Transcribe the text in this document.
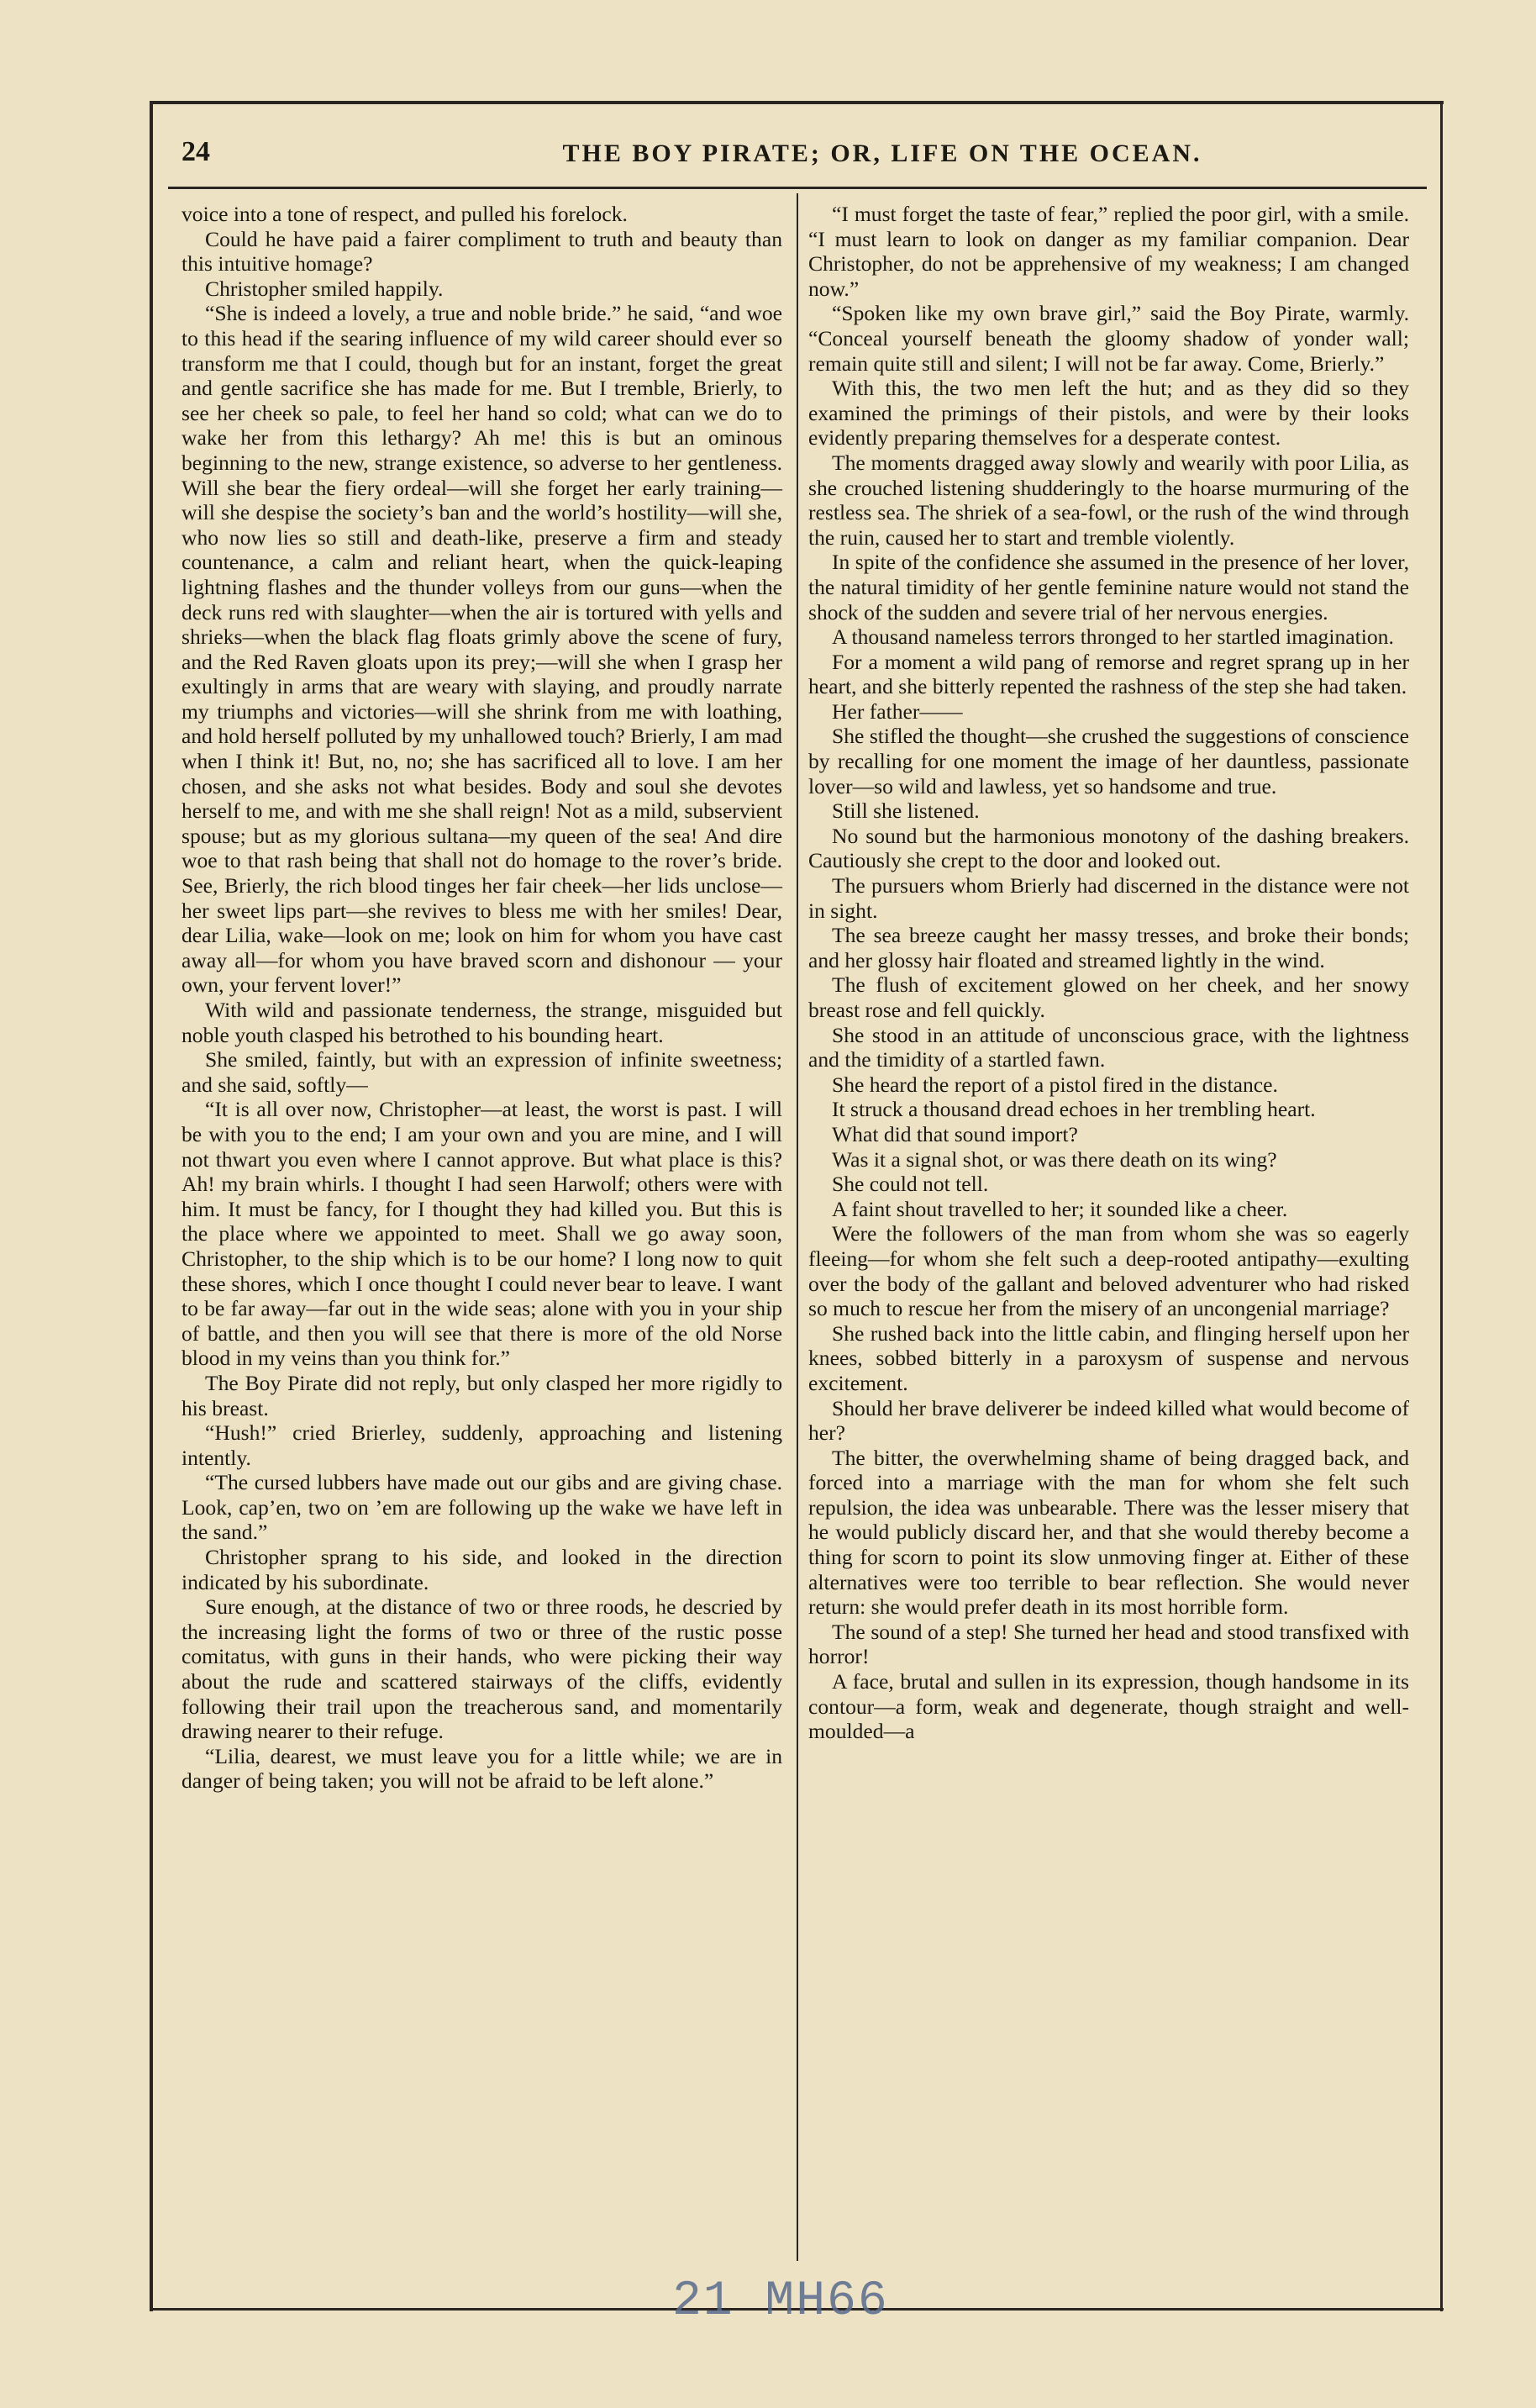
24	THE BOY PIRATE; OR, LIFE ON THE OCEAN.

voice into a tone of respect, and pulled his forelock.

Could he have paid a fairer compliment to truth and beauty than this intuitive homage?

Christopher smiled happily.

“She is indeed a lovely, a true and noble bride.” he said, “and woe to this head if the searing influence of my wild career should ever so transform me that I could, though but for an instant, forget the great and gentle sacrifice she has made for me. But I tremble, Brierly, to see her cheek so pale, to feel her hand so cold; what can we do to wake her from this lethargy? Ah me! this is but an ominous beginning to the new, strange existence, so adverse to her gentleness. Will she bear the fiery ordeal—will she forget her early training—will she despise the society’s ban and the world’s hostility—will she, who now lies so still and death-like, preserve a firm and steady countenance, a calm and reliant heart, when the quick-leaping lightning flashes and the thunder volleys from our guns—when the deck runs red with slaughter—when the air is tortured with yells and shrieks—when the black flag floats grimly above the scene of fury, and the Red Raven gloats upon its prey;—will she when I grasp her exultingly in arms that are weary with slaying, and proudly narrate my triumphs and victories—will she shrink from me with loathing, and hold herself polluted by my unhallowed touch? Brierly, I am mad when I think it! But, no, no; she has sacrificed all to love. I am her chosen, and she asks not what besides. Body and soul she devotes herself to me, and with me she shall reign! Not as a mild, subservient spouse; but as my glorious sultana—my queen of the sea! And dire woe to that rash being that shall not do homage to the rover’s bride. See, Brierly, the rich blood tinges her fair cheek—her lids unclose—her sweet lips part—she revives to bless me with her smiles! Dear, dear Lilia, wake—look on me; look on him for whom you have cast away all—for whom you have braved scorn and dishonour — your own, your fervent lover!”

With wild and passionate tenderness, the strange, misguided but noble youth clasped his betrothed to his bounding heart.

She smiled, faintly, but with an expression of infinite sweetness; and she said, softly—

“It is all over now, Christopher—at least, the worst is past. I will be with you to the end; I am your own and you are mine, and I will not thwart you even where I cannot approve. But what place is this? Ah! my brain whirls. I thought I had seen Harwolf; others were with him. It must be fancy, for I thought they had killed you. But this is the place where we appointed to meet. Shall we go away soon, Christopher, to the ship which is to be our home? I long now to quit these shores, which I once thought I could never bear to leave. I want to be far away—far out in the wide seas; alone with you in your ship of battle, and then you will see that there is more of the old Norse blood in my veins than you think for.”

The Boy Pirate did not reply, but only clasped her more rigidly to his breast.

“Hush!” cried Brierley, suddenly, approaching and listening intently.

“The cursed lubbers have made out our gibs and are giving chase. Look, cap’en, two on ’em are following up the wake we have left in the sand.”

Christopher sprang to his side, and looked in the direction indicated by his subordinate.

Sure enough, at the distance of two or three roods, he descried by the increasing light the forms of two or three of the rustic posse comitatus, with guns in their hands, who were picking their way about the rude and scattered stairways of the cliffs, evidently following their trail upon the treacherous sand, and momentarily drawing nearer to their refuge.

“Lilia, dearest, we must leave you for a little while; we are in danger of being taken; you will not be afraid to be left alone.”

“I must forget the taste of fear,” replied the poor girl, with a smile. “I must learn to look on danger as my familiar companion. Dear Christopher, do not be apprehensive of my weakness; I am changed now.”

“Spoken like my own brave girl,” said the Boy Pirate, warmly. “Conceal yourself beneath the gloomy shadow of yonder wall; remain quite still and silent; I will not be far away. Come, Brierly.”

With this, the two men left the hut; and as they did so they examined the primings of their pistols, and were by their looks evidently preparing themselves for a desperate contest.

The moments dragged away slowly and wearily with poor Lilia, as she crouched listening shudderingly to the hoarse murmuring of the restless sea. The shriek of a sea-fowl, or the rush of the wind through the ruin, caused her to start and tremble violently.

In spite of the confidence she assumed in the presence of her lover, the natural timidity of her gentle feminine nature would not stand the shock of the sudden and severe trial of her nervous energies.

A thousand nameless terrors thronged to her startled imagination.

For a moment a wild pang of remorse and regret sprang up in her heart, and she bitterly repented the rashness of the step she had taken.

Her father——

She stifled the thought—she crushed the suggestions of conscience by recalling for one moment the image of her dauntless, passionate lover—so wild and lawless, yet so handsome and true.

Still she listened.

No sound but the harmonious monotony of the dashing breakers. Cautiously she crept to the door and looked out.

The pursuers whom Brierly had discerned in the distance were not in sight.

The sea breeze caught her massy tresses, and broke their bonds; and her glossy hair floated and streamed lightly in the wind.

The flush of excitement glowed on her cheek, and her snowy breast rose and fell quickly.

She stood in an attitude of unconscious grace, with the lightness and the timidity of a startled fawn.

She heard the report of a pistol fired in the distance.

It struck a thousand dread echoes in her trembling heart.

What did that sound import?

Was it a signal shot, or was there death on its wing?

She could not tell.

A faint shout travelled to her; it sounded like a cheer.

Were the followers of the man from whom she was so eagerly fleeing—for whom she felt such a deep-rooted antipathy—exulting over the body of the gallant and beloved adventurer who had risked so much to rescue her from the misery of an uncongenial marriage?

She rushed back into the little cabin, and flinging herself upon her knees, sobbed bitterly in a paroxysm of suspense and nervous excitement.

Should her brave deliverer be indeed killed what would become of her?

The bitter, the overwhelming shame of being dragged back, and forced into a marriage with the man for whom she felt such repulsion, the idea was unbearable. There was the lesser misery that he would publicly discard her, and that she would thereby become a thing for scorn to point its slow unmoving finger at. Either of these alternatives were too terrible to bear reflection. She would never return: she would prefer death in its most horrible form.

The sound of a step! She turned her head and stood transfixed with horror!

A face, brutal and sullen in its expression, though handsome in its contour—a form, weak and degenerate, though straight and well-moulded—a

21 MH66
